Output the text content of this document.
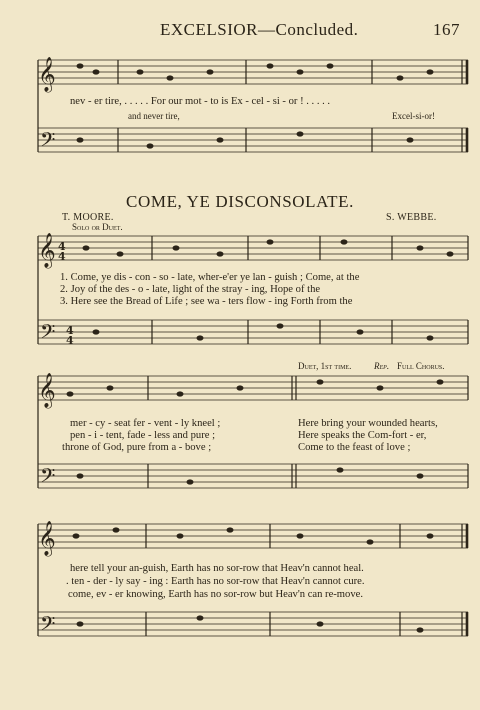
EXCELSIOR—Concluded.	167
𝄞
𝄢
𝄞
𝄢
𝄞
𝄢
𝄞
𝄢
4
4
4
4
nev - er tire, . . . . . For our mot - to is Ex - cel - si - or ! . . . . .
and never tire,	Excel-si-or!
COME, YE DISCONSOLATE.
T. MOORE.	S. WEBBE.
Solo or Duet.
1. Come, ye dis - con - so - late, wher-e'er ye lan - guish ; Come, at the
2. Joy of the des - o - late, light of the stray - ing, Hope of the
3. Here see the Bread of Life ; see wa - ters flow - ing Forth from the
Duet, 1st time.	Rep. Full Chorus.
mer - cy - seat fer - vent - ly kneel ;
pen - i - tent, fade - less and pure ;
throne of God, pure from a - bove ;
Here bring your wounded hearts,
Here speaks the Com-fort - er,
Come to the feast of love ;
here tell your an-guish, Earth has no sor-row that Heav'n cannot heal.
. ten - der - ly say - ing : Earth has no sor-row that Heav'n cannot cure.
come, ev - er knowing, Earth has no sor-row but Heav'n can re-move.
